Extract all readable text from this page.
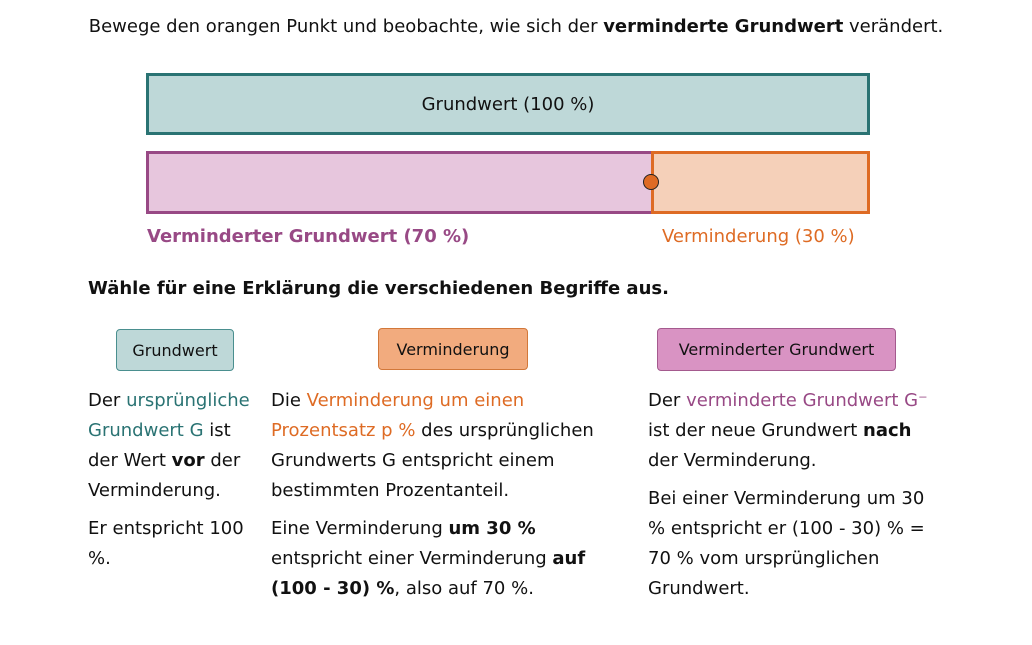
Bewege den orangen Punkt und beobachte, wie sich der verminderte Grundwert verändert.
Grundwert (100 %)
Verminderter Grundwert (70 %)	Verminderung (30 %)
Wähle für eine Erklärung die verschiedenen Begriffe aus.
Grundwert	Verminderung	Verminderter Grundwert

Der ursprüngliche Grundwert G ist der Wert vor der Verminderung.

Er entspricht 100 %.

Die Verminderung um einen Prozentsatz p % des ursprünglichen Grundwerts G entspricht einem bestimmten Prozentanteil.

Eine Verminderung um 30 % entspricht einer Verminderung auf (100 - 30) %, also auf 70 %.

Der verminderte Grundwert G⁻ ist der neue Grundwert nach der Verminderung.

Bei einer Verminderung um 30 % entspricht er (100 - 30) % = 70 % vom ursprünglichen Grundwert.
